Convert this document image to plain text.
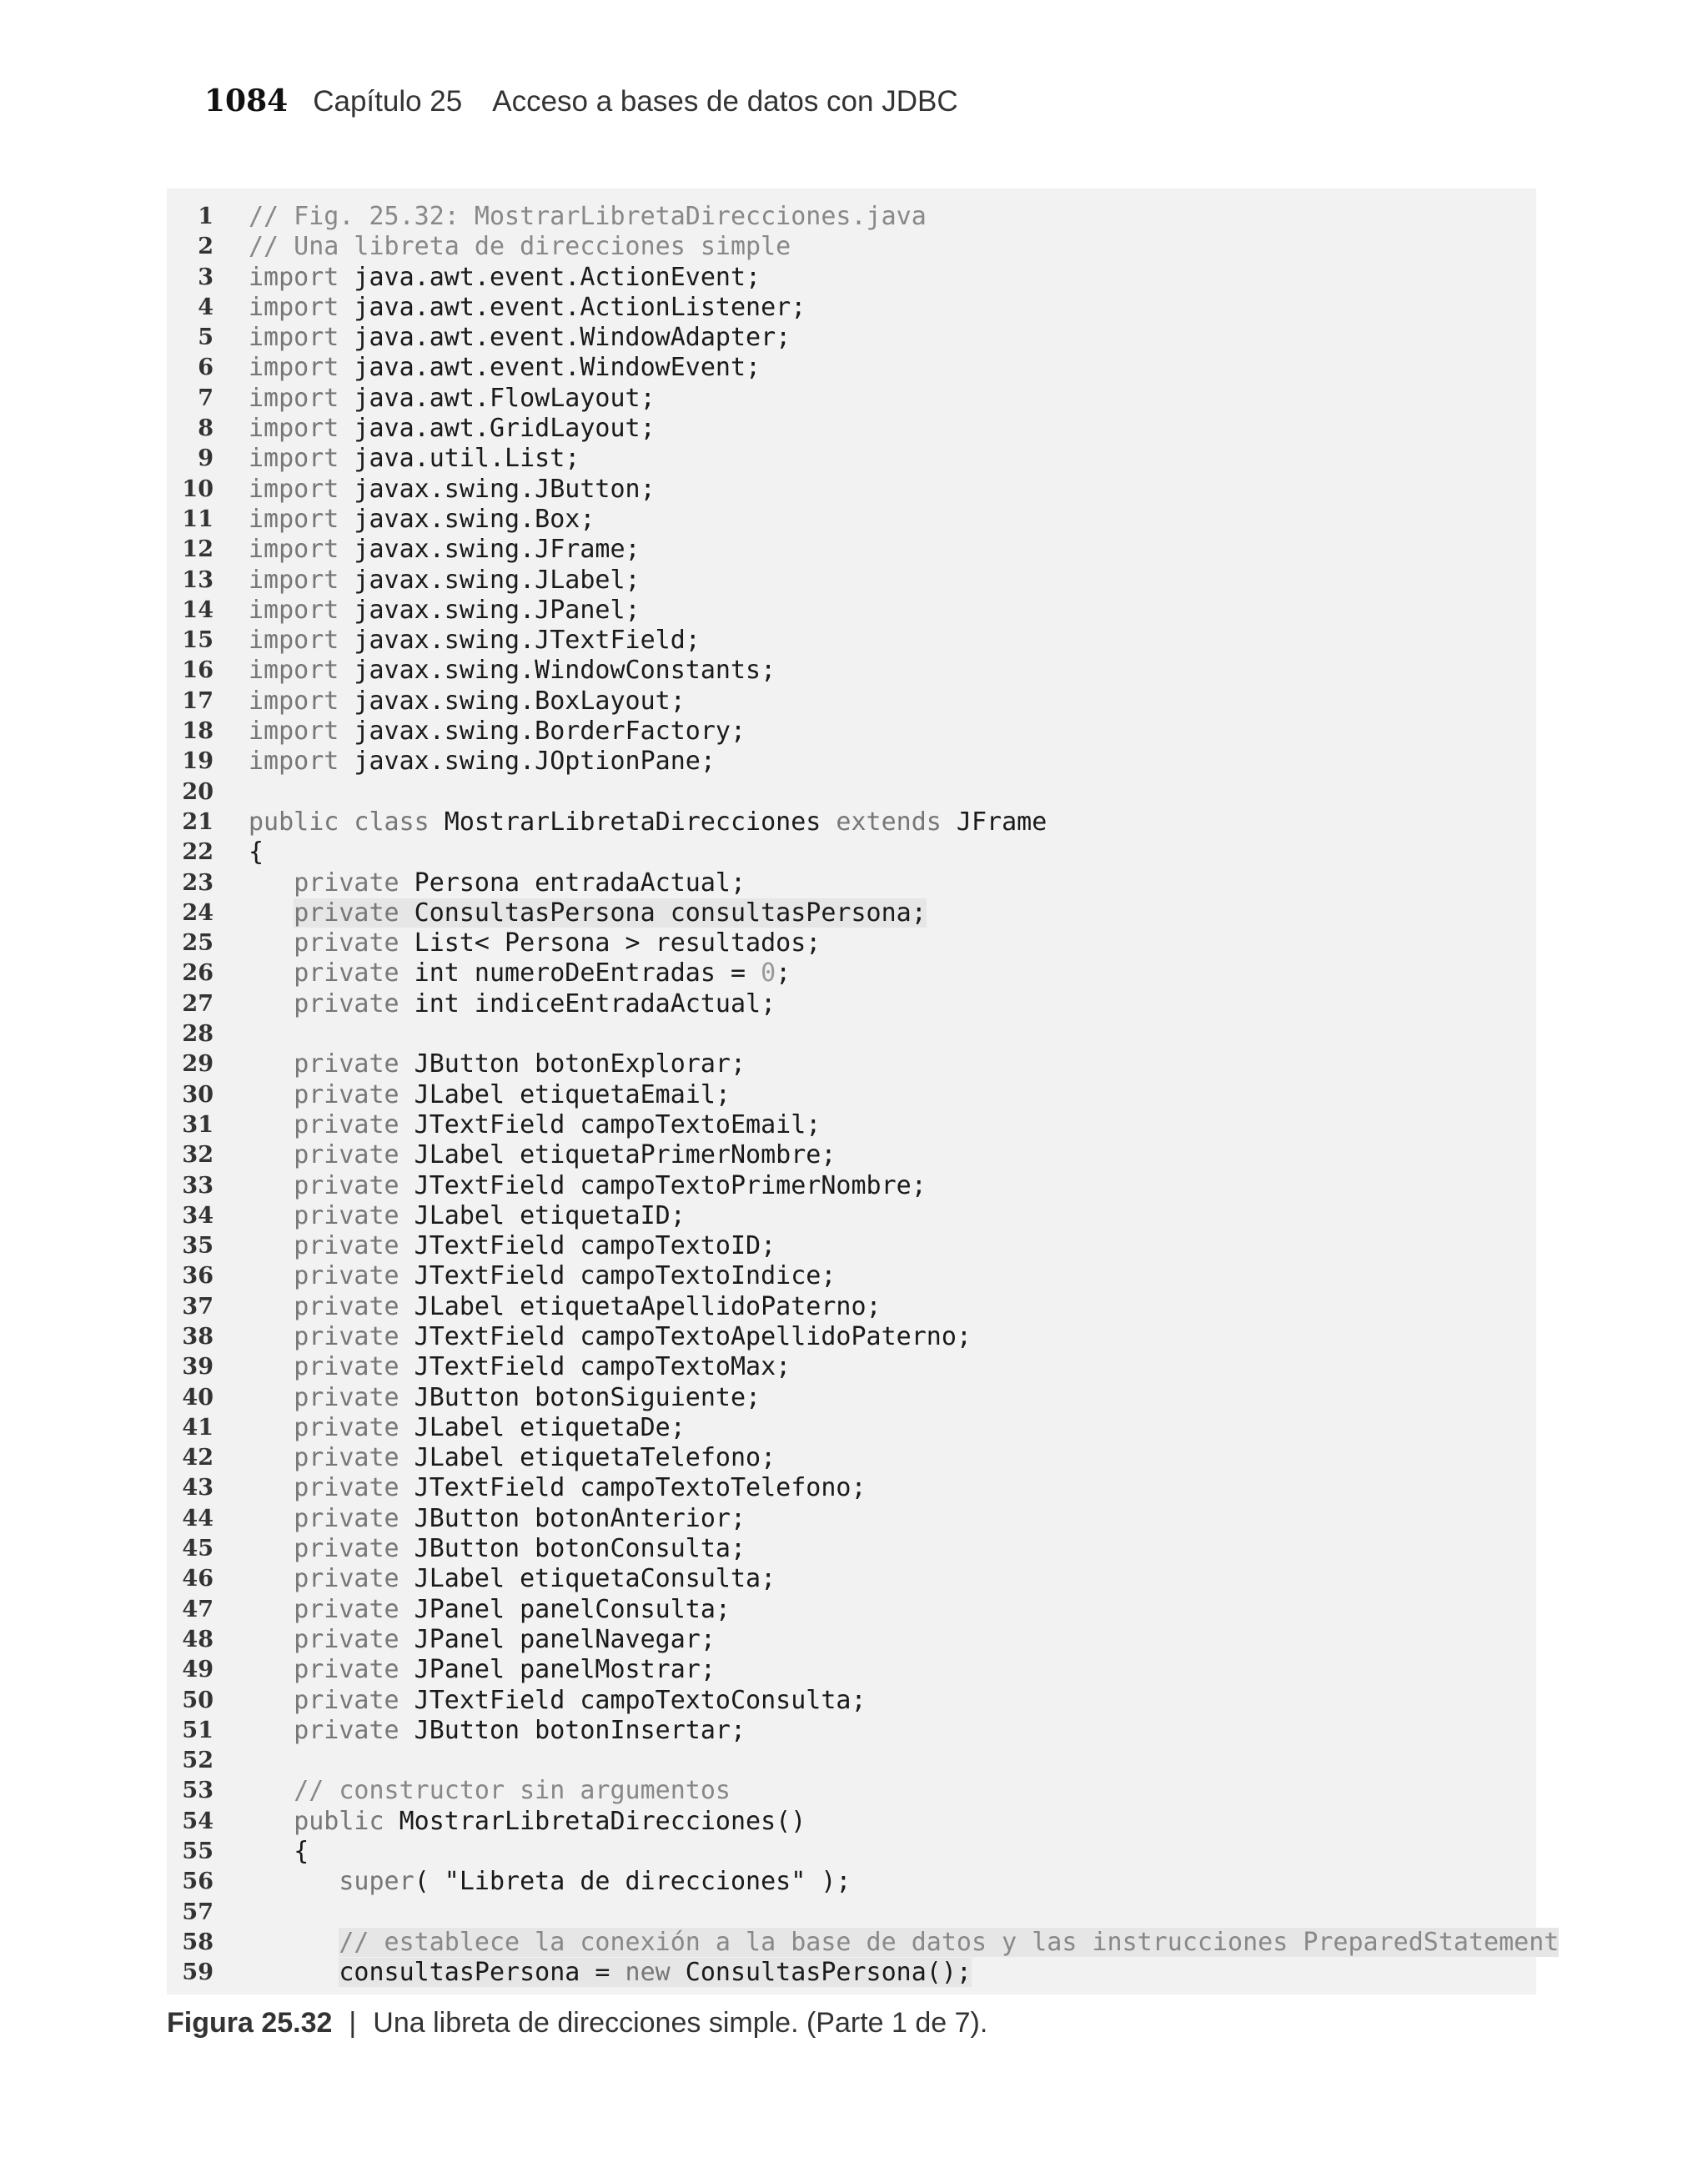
1084 Capítulo 25 Acceso a bases de datos con JDBC
1 // Fig. 25.32: MostrarLibretaDirecciones.java
2 // Una libreta de direcciones simple
3 import java.awt.event.ActionEvent;
4 import java.awt.event.ActionListener;
5 import java.awt.event.WindowAdapter;
6 import java.awt.event.WindowEvent;
7 import java.awt.FlowLayout;
8 import java.awt.GridLayout;
9 import java.util.List;
10 import javax.swing.JButton;
11 import javax.swing.Box;
12 import javax.swing.JFrame;
13 import javax.swing.JLabel;
14 import javax.swing.JPanel;
15 import javax.swing.JTextField;
16 import javax.swing.WindowConstants;
17 import javax.swing.BoxLayout;
18 import javax.swing.BorderFactory;
19 import javax.swing.JOptionPane;
20
21 public class MostrarLibretaDirecciones extends JFrame
22 {
23	private Persona entradaActual;
24	private ConsultasPersona consultasPersona;
25	private List< Persona > resultados;
26	private int numeroDeEntradas = 0;
27	private int indiceEntradaActual;
28
29	private JButton botonExplorar;
30	private JLabel etiquetaEmail;
31	private JTextField campoTextoEmail;
32	private JLabel etiquetaPrimerNombre;
33	private JTextField campoTextoPrimerNombre;
34	private JLabel etiquetaID;
35	private JTextField campoTextoID;
36	private JTextField campoTextoIndice;
37	private JLabel etiquetaApellidoPaterno;
38	private JTextField campoTextoApellidoPaterno;
39	private JTextField campoTextoMax;
40	private JButton botonSiguiente;
41	private JLabel etiquetaDe;
42	private JLabel etiquetaTelefono;
43	private JTextField campoTextoTelefono;
44	private JButton botonAnterior;
45	private JButton botonConsulta;
46	private JLabel etiquetaConsulta;
47	private JPanel panelConsulta;
48	private JPanel panelNavegar;
49	private JPanel panelMostrar;
50	private JTextField campoTextoConsulta;
51	private JButton botonInsertar;
52
53	// constructor sin argumentos
54	public MostrarLibretaDirecciones()
55	{
56	super( "Libreta de direcciones" );
57
58	// establece la conexión a la base de datos y las instrucciones PreparedStatement
59	consultasPersona = new ConsultasPersona();
Figura 25.32 | Una libreta de direcciones simple. (Parte 1 de 7).
